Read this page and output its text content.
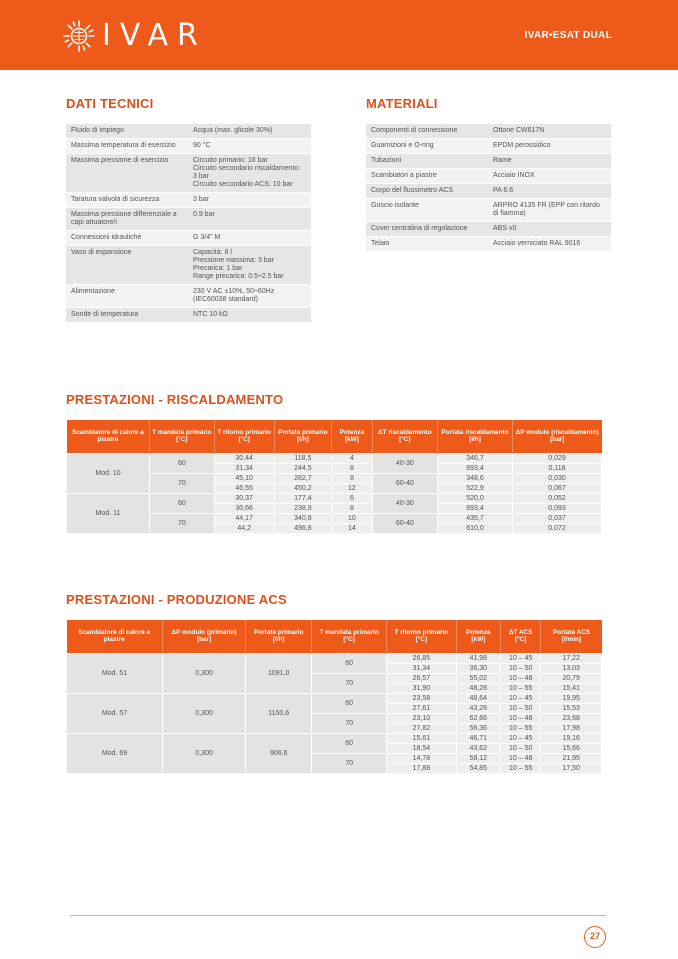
IVAR	IVAR•ESAT DUAL
DATI TECNICI
Fluido di impiego	Acqua (max. glicole 30%)
Massima temperatura di esercizio	90 °C
Massima pressione di esercizio	Circuito primario: 16 bar
Circuito secondario riscaldamento:
3 bar
Circuito secondario ACS: 10 bar
Taratura valvola di sicurezza	3 bar
Massima pressione differenziale a capi attuatore/i	0.9 bar
Connessioni idrauliche	G 3/4" M
Vaso di espansione	Capacità: 8 l
Pressione massima: 3 bar
Precarica: 1 bar
Range precarica: 0.5÷2.5 bar
Alimentazione	230 V AC ±10%, 50÷60Hz
(IEC60038 standard)
Sonde di temperatura	NTC 10 kΩ
MATERIALI
Componenti di connessione	Ottone CW617N
Guarnizioni e O-ring	EPDM perossidico
Tubazioni	Rame
Scambiatori a piastre	Acciaio INOX
Corpo del flussimetro ACS	PA 6.6
Guscio isolante	ARPRO 4135 FR (EPP con ritardo
di fiamma)
Cover centralina di regolazione	ABS v0
Telaio	Acciaio verniciato RAL 9016
PRESTAZIONI - RISCALDAMENTO
Scambiatore di calore a piastre	T mandata primario [°C]	T ritorno primario [°C]	Portata primario [l/h]	Potenza [kW]	ΔT riscaldamento [°C]	Portata riscaldamento [l/h]	ΔP modulo (riscaldamento) [bar]
Mod. 10	60	30,44	118,5	4	40-30	346,7	0,029
		31,34	244,5	8		693,4	0,118
	70	45,10	282,7	8	60-40	348,6	0,030
		46,55	450,2	12		522,9	0,067
Mod. 11	60	30,37	177,4	6	40-30	520,0	0,052
		30,66	238,9	8		693,4	0,093
	70	44,17	340,8	10	60-40	435,7	0,037
		44,2	496,8	14		610,0	0,072
PRESTAZIONI - PRODUZIONE ACS
Scambiatore di calore a piastre	ΔP modulo (primario) [bar]	Portata primario [l/h]	T mandata primario [°C]	T ritorno primario [°C]	Potenza [kW]	ΔT ACS [°C]	Portata ACS [l/min]
Mod. 51	0,300	1091,0	60	26,85	41,98	10 – 45	17,22
				31,34	36,30	10 – 50	13,03
			70	26,57	55,02	10 – 48	20,79
				31,90	48,28	10 – 55	15,41
Mod. 57	0,300	1150,6	60	23,58	48,64	10 – 45	19,95
				27,61	43,26	10 – 50	15,53
			70	23,10	62,66	10 – 48	23,68
				27,82	56,36	10 – 55	17,98
Mod. 69	0,300	906,6	60	15,61	46,71	10 – 45	19,16
				18,54	43,62	10 – 50	15,66
			70	14,78	58,12	10 – 48	21,95
				17,88	54,85	10 – 55	17,50
27
